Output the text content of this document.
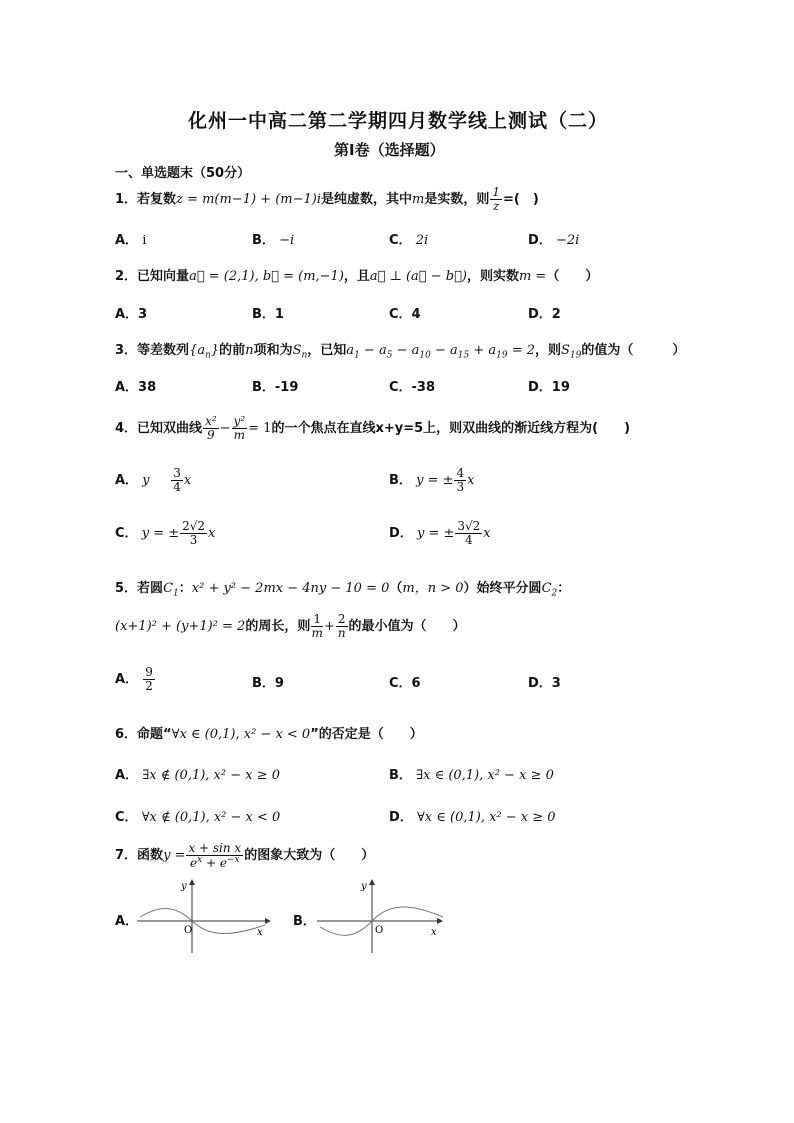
化州一中高二第二学期四月数学线上测试（二）
第Ⅰ卷（选择题）
一、单选题末（50分）
1．若复数z = m(m−1) + (m−1)i是纯虚数，其中m是实数，则 $\frac{1}{z}$ =(　)
A． i	B． −i	C． 2i	D． −2i
2．已知向量a⃗ = (2,1), b⃗ = (m,−1)，且a⃗ ⊥ (a⃗ − b⃗)，则实数m =（　　）
A．3	B．1	C．4	D．2
3．等差数列$\{a_n\}$的前n项和为$S_n$，已知$a_1 - a_5 - a_{10} - a_{15} + a_{19} = 2$，则$S_{19}$的值为（　　　）
A．38	B．-19	C．-38	D．19
4．已知双曲线 $\frac{\text{x²}}{9} - \frac{\text{y²}}{m} = 1$的一个焦点在直线x+y=5上，则双曲线的渐近线方程为(　　)
A． y $\frac{3}{4}$ x	B． y = ± $\frac{4}{3}$ x
C． y = ± $\frac{2√2}{3}$ x	D． y = ± $\frac{3√2}{4}$ x
5．若圆$C_1$：x² + y² − 2mx − 4ny − 10 = 0（m，n > 0）始终平分圆$C_2$：
(x+1)² + (y+1)² = 2的周长，则 $\frac{1}{m} + \frac{2}{n}$ 的最小值为（　　）
A． $\frac{9}{2}$	B．9	C．6	D．3
6．命题“∀x ∈ (0,1), x² − x < 0”的否定是（　　）
A． ∃x ∉ (0,1), x² − x ≥ 0	B． ∃x ∈ (0,1), x² − x ≥ 0
C． ∀x ∉ (0,1), x² − x < 0	D． ∀x ∈ (0,1), x² − x ≥ 0
7．函数$y = \frac{\text{x + sin x}}{e^x + e^{-x}}$ 的图象大致为（　　）
A．
y
x
O
B．
y
x
O
